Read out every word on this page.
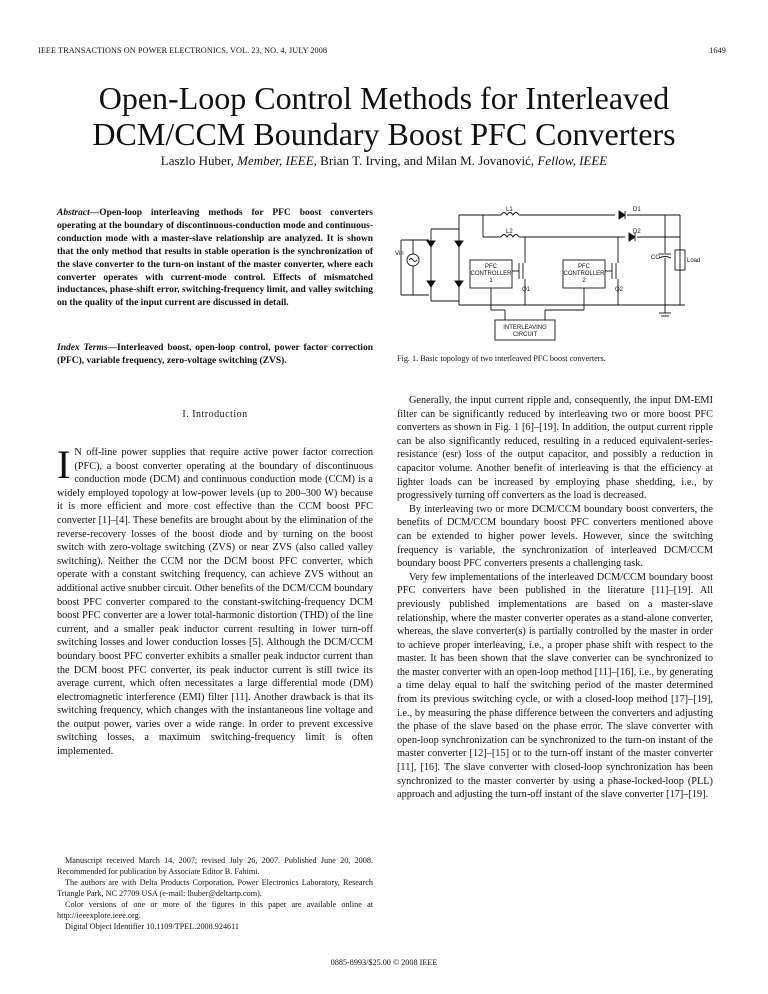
IEEE TRANSACTIONS ON POWER ELECTRONICS, VOL. 23, NO. 4, JULY 2008	1649
Open-Loop Control Methods for Interleaved
DCM/CCM Boundary Boost PFC Converters
Laszlo Huber, Member, IEEE, Brian T. Irving, and Milan M. Jovanović, Fellow, IEEE
Abstract—Open-loop interleaving methods for PFC boost converters operating at the boundary of discontinuous-conduction mode and continuous-conduction mode with a master-slave relationship are analyzed. It is shown that the only method that results in stable operation is the synchronization of the slave converter to the turn-on instant of the master converter, where each converter operates with current-mode control. Effects of mismatched inductances, phase-shift error, switching-frequency limit, and valley switching on the quality of the input current are discussed in detail.
Index Terms—Interleaved boost, open-loop control, power factor correction (PFC), variable frequency, zero-voltage switching (ZVS).
I. Introduction
I N off-line power supplies that require active power factor correction (PFC), a boost converter operating at the boundary of discontinuous conduction mode (DCM) and continuous conduction mode (CCM) is a widely employed topology at low-power levels (up to 200–300 W) because it is more efficient and more cost effective than the CCM boost PFC converter [1]–[4]. These benefits are brought about by the elimination of the reverse-recovery losses of the boost diode and by turning on the boost switch with zero-voltage switching (ZVS) or near ZVS (also called valley switching). Neither the CCM nor the DCM boost PFC converter, which operate with a constant switching frequency, can achieve ZVS without an additional active snubber circuit. Other benefits of the DCM/CCM boundary boost PFC converter compared to the constant-switching-frequency DCM boost PFC converter are a lower total-harmonic distortion (THD) of the line current, and a smaller peak inductor current resulting in lower turn-off switching losses and lower conduction losses [5]. Although the DCM/CCM boundary boost PFC converter exhibits a smaller peak inductor current than the DCM boost PFC converter, its peak inductor current is still twice its average current, which often necessitates a large differential mode (DM) electromagnetic interference (EMI) filter [11]. Another drawback is that its switching frequency, which changes with the instantaneous line voltage and the output power, varies over a wide range. In order to prevent excessive switching losses, a maximum switching-frequency limit is often implemented.

Manuscript received March 14, 2007; revised July 26, 2007. Published June 20, 2008. Recommended for publication by Associate Editor B. Fahimi.

The authors are with Delta Products Corporation, Power Electronics Laboratory, Research Triangle Park, NC 27709 USA (e-mail: lhuber@deltartp.com).

Color versions of one or more of the figures in this paper are available online at http://ieeexplore.ieee.org.

Digital Object Identifier 10.1109/TPEL.2008.924611

L1
L2
D1
D2
Vin
PFC
CONTROLLER
1
PFC
CONTROLLER
2
Q1	Q2
CO	Load
INTERLEAVING
CIRCUIT
Fig. 1. Basic topology of two interleaved PFC boost converters.

Generally, the input current ripple and, consequently, the input DM-EMI filter can be significantly reduced by interleaving two or more boost PFC converters as shown in Fig. 1 [6]–[19]. In addition, the output current ripple can be also significantly reduced, resulting in a reduced equivalent-series-resistance (esr) loss of the output capacitor, and possibly a reduction in capacitor volume. Another benefit of interleaving is that the efficiency at lighter loads can be increased by employing phase shedding, i.e., by progressively turning off converters as the load is decreased.

By interleaving two or more DCM/CCM boundary boost converters, the benefits of DCM/CCM boundary boost PFC converters mentioned above can be extended to higher power levels. However, since the switching frequency is variable, the synchronization of interleaved DCM/CCM boundary boost PFC converters presents a challenging task.

Very few implementations of the interleaved DCM/CCM boundary boost PFC converters have been published in the literature [11]–[19]. All previously published implementations are based on a master-slave relationship, where the master converter operates as a stand-alone converter, whereas, the slave converter(s) is partially controlled by the master in order to achieve proper interleaving, i.e., a proper phase shift with respect to the master. It has been shown that the slave converter can be synchronized to the master converter with an open-loop method [11]–[16], i.e., by generating a time delay equal to half the switching period of the master determined from its previous switching cycle, or with a closed-loop method [17]–[19], i.e., by measuring the phase difference between the converters and adjusting the phase of the slave based on the phase error. The slave converter with open-loop synchronization can be synchronized to the turn-on instant of the master converter [12]–[15] or to the turn-off instant of the master converter [11], [16]. The slave converter with closed-loop synchronization has been synchronized to the master converter by using a phase-locked-loop (PLL) approach and adjusting the turn-off instant of the slave converter [17]–[19].

0885-8993/$25.00 © 2008 IEEE
